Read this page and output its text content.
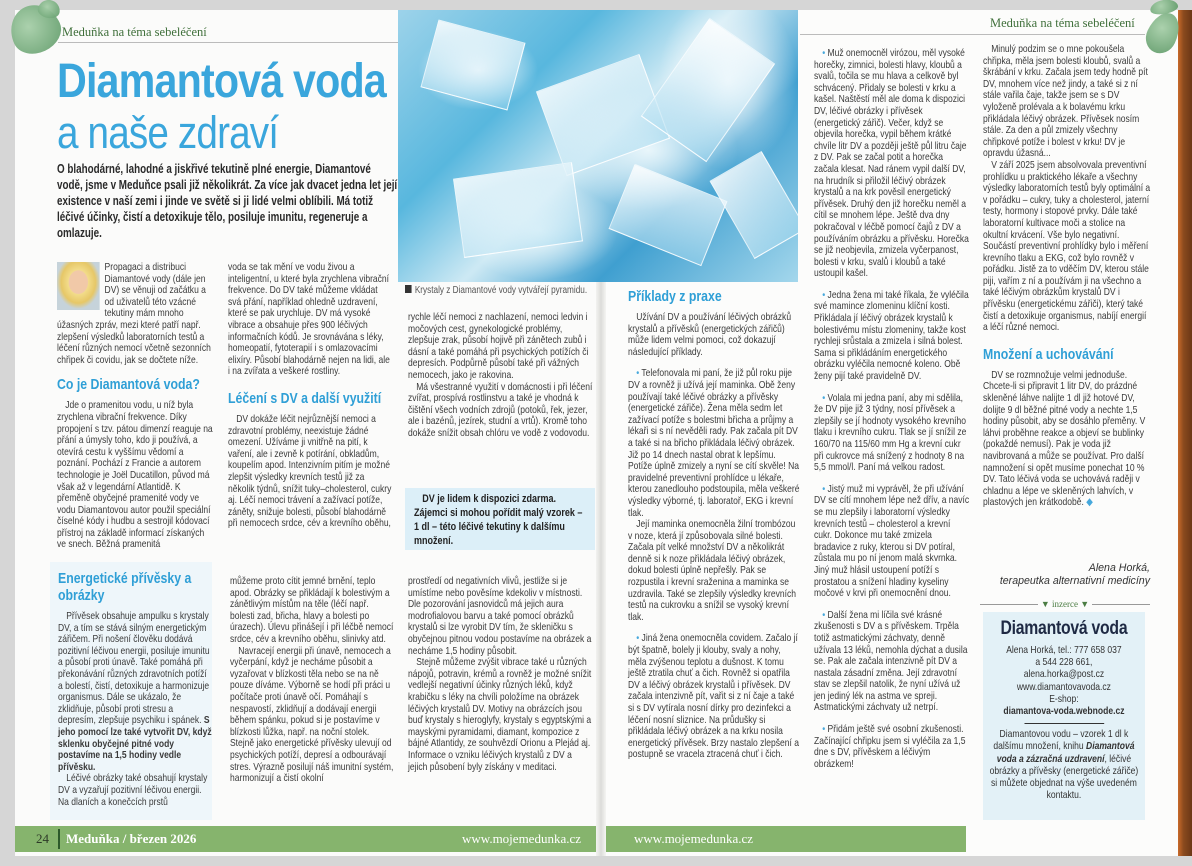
Meduňka na téma sebeléčení
Meduňka na téma sebeléčení
Diamantová voda
a naše zdraví
O blahodárné, lahodné a jiskřivé tekutině plné energie, Diamantové vodě, jsme v Meduňce psali již několikrát. Za více jak dvacet jedna let její existence v naší zemi i jinde ve světě si ji lidé velmi oblíbili. Má totiž léčivé účinky, čistí a detoxikuje tělo, posiluje imunitu, regeneruje a omlazuje.
Krystaly z Diamantové vody vytvářejí pyramidu.

Propagaci a distribuci Diamantové vody (dále jen DV) se věnuji od začátku a od uživatelů této vzácné tekutiny mám mnoho úžasných zpráv, mezi které patří např. zlepšení výsledků laboratorních testů a léčení různých nemocí včetně sezonních chřipek či covidu, jak se dočtete níže.

Co je Diamantová voda?

Jde o pramenitou vodu, u níž byla zrychlena vibrační frekvence. Díky propojení s tzv. pátou dimenzí reaguje na přání a úmysly toho, kdo ji používá, a otevírá cestu k vyššímu vědomí a poznání. Pochází z Francie a autorem technologie je Joël Ducatillon, původ má však až v legendární Atlantidě. K přeměně obyčejné pramenité vody ve vodu Diamantovou autor použil speciální číselné kódy i hudbu a sestrojil kódovací přístroj na základě informací získaných ve snech. Běžná pramenitá

voda se tak mění ve vodu živou a inteligentní, u které byla zrychlena vibrační frekvence. Do DV také můžeme vkládat svá přání, například ohledně uzdravení, které se pak urychluje. DV má vysoké vibrace a obsahuje přes 900 léčivých informačních kódů. Je srovnávána s léky, homeopatií, fytoterapií i s omlazovacími elixíry. Působí blahodárně nejen na lidi, ale i na zvířata a veškeré rostliny.

Léčení s DV a další využití

DV dokáže léčit nejrůznější nemoci a zdravotní problémy, neexistuje žádné omezení. Užíváme ji vnitřně na pití, k vaření, ale i zevně k potírání, obkladům, koupelím apod. Intenzivním pitím je možné zlepšit výsledky krevních testů již za několik týdnů, snížit tuky–cholesterol, cukry aj. Léčí nemoci trávení a zažívací potíže, záněty, snižuje bolesti, působí blahodárně při nemocech srdce, cév a krevního oběhu,

rychle léčí nemoci z nachlazení, nemoci ledvin i močových cest, gynekologické problémy, zlepšuje zrak, působí hojivě při zánětech zubů i dásní a také pomáhá při psychických potížích či depresích. Podpůrně působí také při vážných nemocech, jako je rakovina.

Má všestranné využití v domácnosti i při léčení zvířat, prospívá rostlinstvu a také je vhodná k čištění všech vodních zdrojů (potoků, řek, jezer, ale i bazénů, jezírek, studní a vrtů). Kromě toho dokáže snížit obsah chlóru ve vodě z vodovodu.

DV je lidem k dispozici zdarma. Zájemci si mohou pořídit malý vzorek – 1 dl – této léčivé tekutiny k dalšímu množení.
Energetické přívěsky a obrázky

Přívěsek obsahuje ampulku s krystaly DV, a tím se stává silným energetickým zářičem. Při nošení člověku dodává pozitivní léčivou energii, posiluje imunitu a působí proti únavě. Také pomáhá při překonávání různých zdravotních potíží a bolestí, čistí, detoxikuje a harmonizuje organismus. Dále se ukázalo, že zklidňuje, působí proti stresu a depresím, zlepšuje psychiku i spánek. S jeho pomocí lze také vytvořit DV, když sklenku obyčejné pitné vody postavíme na 1,5 hodiny vedle přívěsku.

Léčivé obrázky také obsahují krystaly DV a vyzařují pozitivní léčivou energii. Na dlaních a konečcích prstů

můžeme proto cítit jemné brnění, teplo apod. Obrázky se přikládají k bolestivým a zánětlivým místům na těle (léčí např. bolesti zad, břicha, hlavy a bolesti po úrazech). Úlevu přinášejí i při léčbě nemocí srdce, cév a krevního oběhu, slinivky atd.

Navracejí energii při únavě, nemocech a vyčerpání, když je necháme působit a vyzařovat v blízkosti těla nebo se na ně pouze díváme. Výborně se hodí při práci u počítače proti únavě očí. Pomáhají s nespavostí, zklidňují a dodávají energii během spánku, pokud si je postavíme v blízkosti lůžka, např. na noční stolek. Stejně jako energetické přívěsky ulevují od psychických potíží, depresí a odbourávají stres. Výrazně posilují náš imunitní systém, harmonizují a čistí okolní

prostředí od negativních vlivů, jestliže si je umístíme nebo pověsíme kdekoliv v místnosti. Dle pozorování jasnovidců má jejich aura modrofialovou barvu a také pomocí obrázků krystalů si lze vyrobit DV tím, že skleničku s obyčejnou pitnou vodou postavíme na obrázek a necháme 1,5 hodiny působit.

Stejně můžeme zvýšit vibrace také u různých nápojů, potravin, krémů a rovněž je možné snížit vedlejší negativní účinky různých léků, když krabičku s léky na chvíli položíme na obrázek léčivých krystalů DV. Motivy na obrázcích jsou buď krystaly s hieroglyfy, krystaly s egyptskými a mayskými pyramidami, diamant, kompozice z bájné Atlantidy, ze souhvězdí Orionu a Plejád aj. Informace o vzniku léčivých krystalů z DV a jejich působení byly získány v meditaci.

Příklady z praxe

Užívání DV a používání léčivých obrázků krystalů a přívěsků (energetických zářičů) může lidem velmi pomoci, což dokazují následující příklady.

• Telefonovala mi paní, že již půl roku pije DV a rovněž ji užívá její maminka. Obě ženy používají také léčivé obrázky a přívěsky (energetické zářiče). Žena měla sedm let zažívací potíže s bolestmi břicha a průjmy a lékaři si s ní nevěděli rady. Pak začala pít DV a také si na břicho přikládala léčivý obrázek. Již po 14 dnech nastal obrat k lepšímu. Potíže úplně zmizely a nyní se cítí skvěle! Na pravidelné preventivní prohlídce u lékaře, kterou zanedlouho podstoupila, měla veškeré výsledky výborné, tj. laboratoř, EKG i krevní tlak.

Její maminka onemocněla žilní trombózou v noze, která jí způsobovala silné bolesti. Začala pít velké množství DV a několikrát denně si k noze přikládala léčivý obrázek, dokud bolesti úplně nepřešly. Pak se rozpustila i krevní sraženina a maminka se uzdravila. Také se zlepšily výsledky krevních testů na cukrovku a snížil se vysoký krevní tlak.

• Jiná žena onemocněla covidem. Začalo jí být špatně, bolely ji klouby, svaly a nohy, měla zvýšenou teplotu a dušnost. K tomu ještě ztratila chuť a čich. Rovněž si opatřila DV a léčivý obrázek krystalů i přívěsek. DV začala intenzivně pít, vařit si z ní čaje a také si s DV vytírala nosní dírky pro dezinfekci a léčení nosní sliznice. Na průdušky si přikládala léčivý obrázek a na krku nosila energetický přívěsek. Brzy nastalo zlepšení a postupně se vracela ztracená chuť i čich.

• Muž onemocněl virózou, měl vysoké horečky, zimnici, bolesti hlavy, kloubů a svalů, točila se mu hlava a celkově byl schvácený. Přidaly se bolesti v krku a kašel. Naštěstí měl ale doma k dispozici DV, léčivé obrázky i přívěsek (energetický zářič). Večer, když se objevila horečka, vypil během krátké chvíle litr DV a později ještě půl litru čaje z DV. Pak se začal potit a horečka začala klesat. Nad ránem vypil další DV, na hrudník si přiložil léčivý obrázek krystalů a na krk pověsil energetický přívěsek. Druhý den již horečku neměl a cítil se mnohem lépe. Ještě dva dny pokračoval v léčbě pomocí čajů z DV a používáním obrázku a přívěsku. Horečka se již neobjevila, zmizela vyčerpanost, bolesti v krku, svalů i kloubů a také ustoupil kašel.

• Jedna žena mi také říkala, že vyléčila své mamince zlomeninu klíční kosti. Přikládala jí léčivý obrázek krystalů k bolestivému místu zlomeniny, takže kost rychleji srůstala a zmizela i silná bolest. Sama si přikládáním energetického obrázku vyléčila nemocné koleno. Obě ženy pijí také pravidelně DV.

• Volala mi jedna paní, aby mi sdělila, že DV pije již 3 týdny, nosí přívěsek a zlepšily se jí hodnoty vysokého krevního tlaku i krevního cukru. Tlak se jí snížil ze 160/70 na 115/60 mm Hg a krevní cukr při cukrovce má snížený z hodnoty 8 na 5,5 mmol/l. Paní má velkou radost.

• Jistý muž mi vyprávěl, že při užívání DV se cítí mnohem lépe než dřív, a navíc se mu zlepšily i laboratorní výsledky krevních testů – cholesterol a krevní cukr. Dokonce mu také zmizela bradavice z ruky, kterou si DV potíral, zůstala mu po ní jenom malá skvrnka. Jiný muž hlásil ustoupení potíží s prostatou a snížení hladiny kyseliny močové v krvi při onemocnění dnou.

• Další žena mi líčila své krásné zkušenosti s DV a s přívěskem. Trpěla totiž astmatickými záchvaty, denně užívala 13 léků, nemohla dýchat a dusila se. Pak ale začala intenzivně pít DV a nastala zásadní změna. Její zdravotní stav se zlepšil natolik, že nyní užívá už jen jediný lék na astma ve spreji. Astmatickými záchvaty už netrpí.

• Přidám ještě své osobní zkušenosti. Začínající chřipku jsem si vyléčila za 1,5 dne s DV, přívěskem a léčivým obrázkem!

Minulý podzim se o mne pokoušela chřipka, měla jsem bolesti kloubů, svalů a škrábání v krku. Začala jsem tedy hodně pít DV, mnohem více než jindy, a také si z ní stále vařila čaje, takže jsem se s DV vyloženě prolévala a k bolavému krku přikládala léčivý obrázek. Přívěsek nosím stále. Za den a půl zmizely všechny chřipkové potíže i bolest v krku! DV je opravdu úžasná...

V září 2025 jsem absolvovala preventivní prohlídku u praktického lékaře a všechny výsledky laboratorních testů byly optimální a v pořádku – cukry, tuky a cholesterol, jaterní testy, hormony i stopové prvky. Dále také laboratorní kultivace moči a stolice na okultní krvácení. Vše bylo negativní. Součástí preventivní prohlídky bylo i měření krevního tlaku a EKG, což bylo rovněž v pořádku. Jistě za to vděčím DV, kterou stále piji, vařím z ní a používám ji na všechno a také léčivým obrázkům krystalů DV i přívěsku (energetickému zářiči), který také čistí a detoxikuje organismus, nabíjí energií a léčí různé nemoci.

Množení a uchovávání

DV se rozmnožuje velmi jednoduše. Chcete-li si připravit 1 litr DV, do prázdné skleněné láhve nalijte 1 dl již hotové DV, dolijte 9 dl běžné pitné vody a nechte 1,5 hodiny působit, aby se dosáhlo přeměny. V láhvi proběhne reakce a objeví se bublinky (pokaždé nemusí). Pak je voda již navibrovaná a může se používat. Pro další namnožení si opět musíme ponechat 10 % DV. Tato léčivá voda se uchovává raději v chladnu a lépe ve skleněných lahvích, v plastových jen krátkodobě. ◆

Alena Horká,
terapeutka alternativní medicíny
▼ inzerce ▼
Diamantová voda
Alena Horká, tel.: 777 658 037
a 544 228 661,
alena.horka@post.cz
www.diamantovavoda.cz
E-shop:
diamantova-voda.webnode.cz
Diamantovou vodu – vzorek 1 dl k dalšímu množení, knihu Diamantová voda a zázračná uzdravení, léčivé obrázky a přívěsky (energetické zářiče) si můžete objednat na výše uvedeném kontaktu.
24 Meduňka / březen 2026	www.mojemedunka.cz	www.mojemedunka.cz
